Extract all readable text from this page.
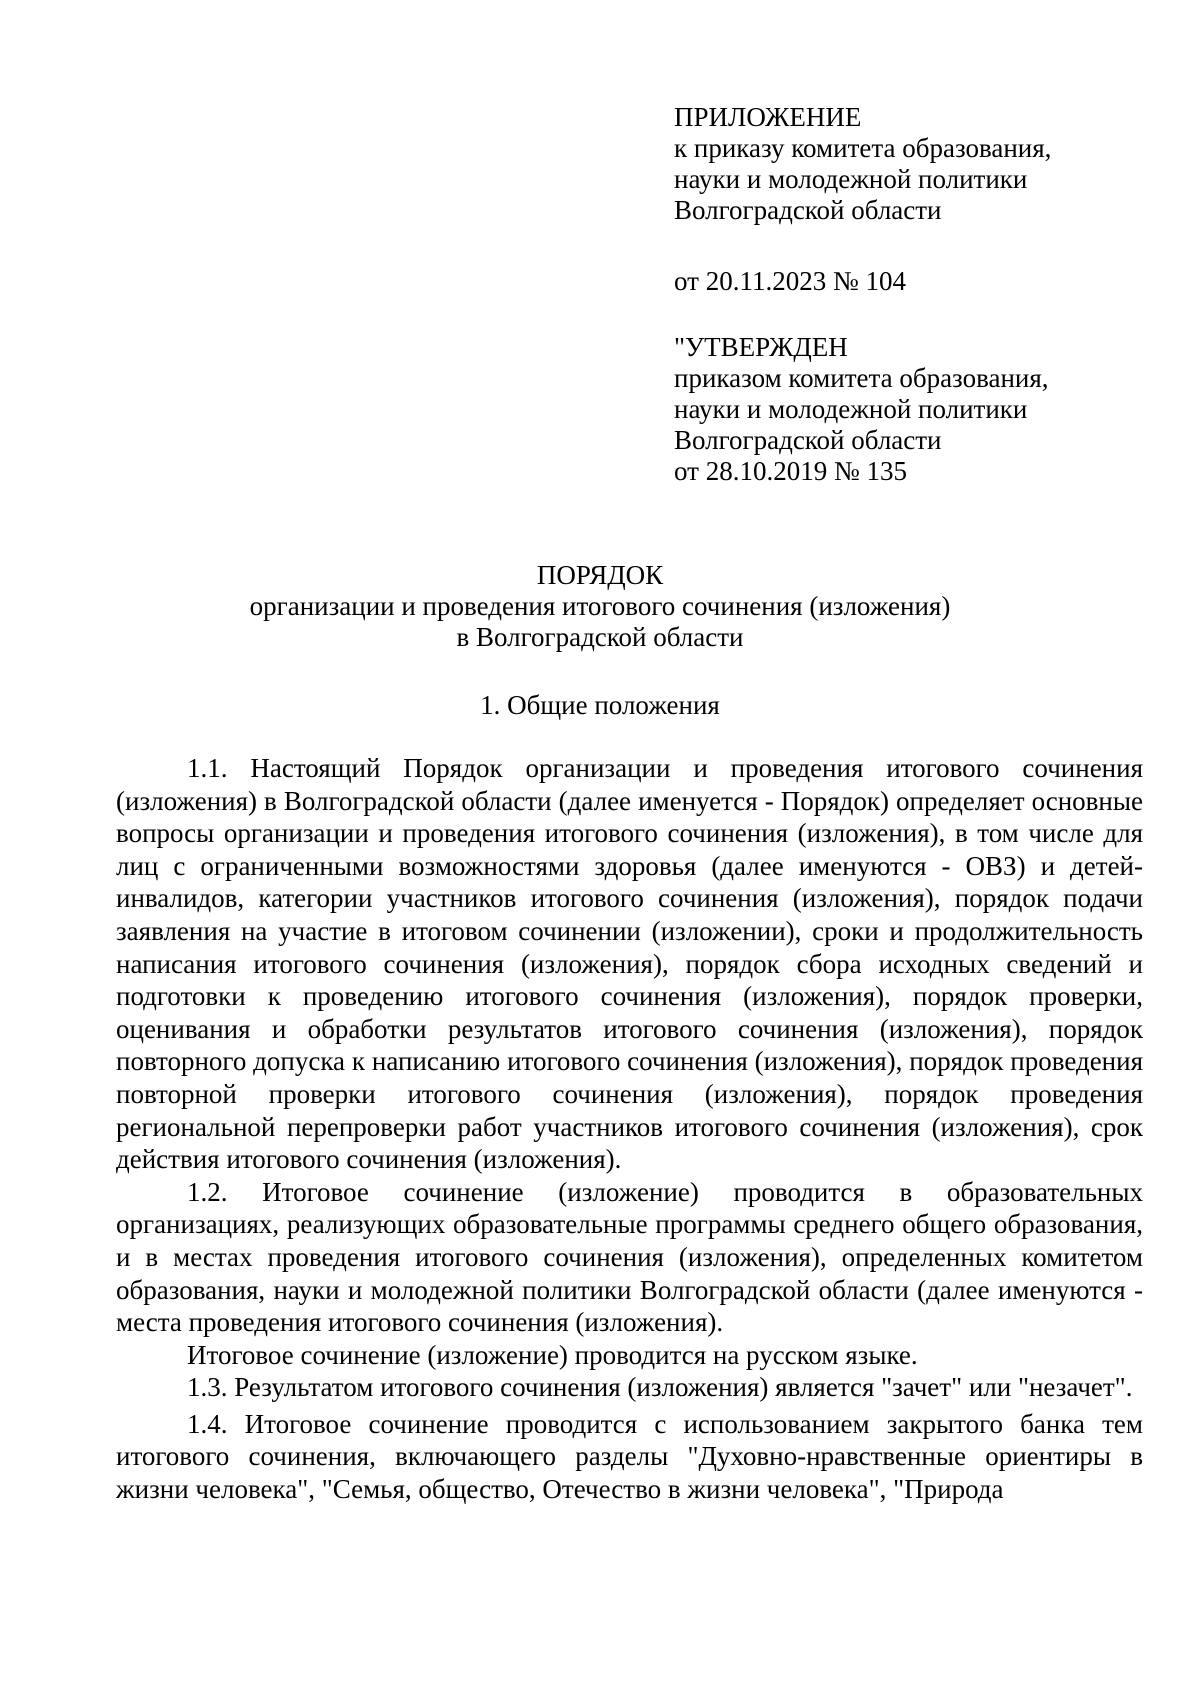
ПРИЛОЖЕНИЕ
к приказу комитета образования,
науки и молодежной политики
Волгоградской области
от 20.11.2023 № 104
"УТВЕРЖДЕН
приказом комитета образования,
науки и молодежной политики
Волгоградской области
от 28.10.2019 № 135
ПОРЯДОК
организации и проведения итогового сочинения (изложения)
в Волгоградской области
1. Общие положения

1.1. Настоящий Порядок организации и проведения итогового сочинения (изложения) в Волгоградской области (далее именуется - Порядок) определяет основные вопросы организации и проведения итогового сочинения (изложения), в том числе для лиц с ограниченными возможностями здоровья (далее именуются - ОВЗ) и детей-инвалидов, категории участников итогового сочинения (изложения), порядок подачи заявления на участие в итоговом сочинении (изложении), сроки и продолжительность написания итогового сочинения (изложения), порядок сбора исходных сведений и подготовки к проведению итогового сочинения (изложения), порядок проверки, оценивания и обработки результатов итогового сочинения (изложения), порядок повторного допуска к написанию итогового сочинения (изложения), порядок проведения повторной проверки итогового сочинения (изложения), порядок проведения региональной перепроверки работ участников итогового сочинения (изложения), срок действия итогового сочинения (изложения).

1.2. Итоговое сочинение (изложение) проводится в образовательных организациях, реализующих образовательные программы среднего общего образования, и в местах проведения итогового сочинения (изложения), определенных комитетом образования, науки и молодежной политики Волгоградской области (далее именуются - места проведения итогового сочинения (изложения).

Итоговое сочинение (изложение) проводится на русском языке.

1.3. Результатом итогового сочинения (изложения) является "зачет" или "незачет".

1.4. Итоговое сочинение проводится с использованием закрытого банка тем итогового сочинения, включающего разделы "Духовно-нравственные ориентиры в жизни человека", "Семья, общество, Отечество в жизни человека", "Природа
